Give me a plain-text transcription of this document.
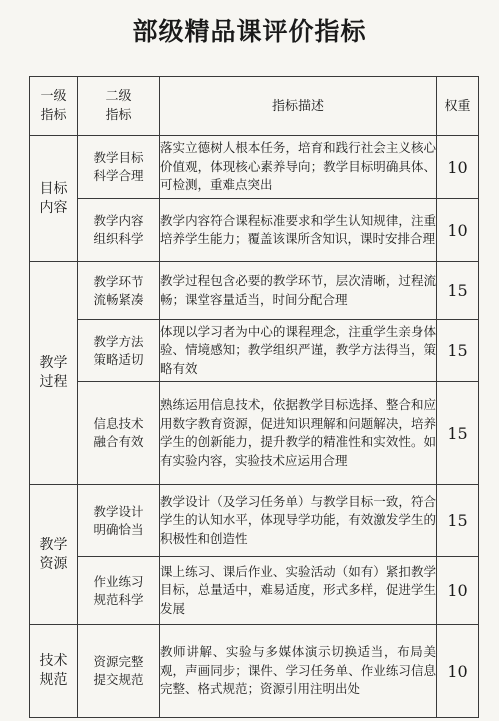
部级精品课评价指标
一级指标	二级指标	指标描述	权重
目标内容	教学目标科学合理	落实立德树人根本任务，培育和践行社会主义核心价值观，体现核心素养导向；教学目标明确具体、可检测，重难点突出	10
	教学内容组织科学	教学内容符合课程标准要求和学生认知规律，注重培养学生能力；覆盖该课所含知识，课时安排合理	10
教学过程	教学环节流畅紧凑	教学过程包含必要的教学环节，层次清晰，过程流畅；课堂容量适当，时间分配合理	15
	教学方法策略适切	体现以学习者为中心的课程理念，注重学生亲身体验、情境感知；教学组织严谨，教学方法得当，策略有效	15
	信息技术融合有效	熟练运用信息技术，依据教学目标选择、整合和应用数字教育资源，促进知识理解和问题解决，培养学生的创新能力，提升教学的精准性和实效性。如有实验内容，实验技术应运用合理	15
教学资源	教学设计明确恰当	教学设计（及学习任务单）与教学目标一致，符合学生的认知水平，体现导学功能，有效激发学生的积极性和创造性	15
	作业练习规范科学	课上练习、课后作业、实验活动（如有）紧扣教学目标，总量适中，难易适度，形式多样，促进学生发展	10
技术规范	资源完整提交规范	教师讲解、实验与多媒体演示切换适当，布局美观，声画同步；课件、学习任务单、作业练习信息完整、格式规范；资源引用注明出处	10
